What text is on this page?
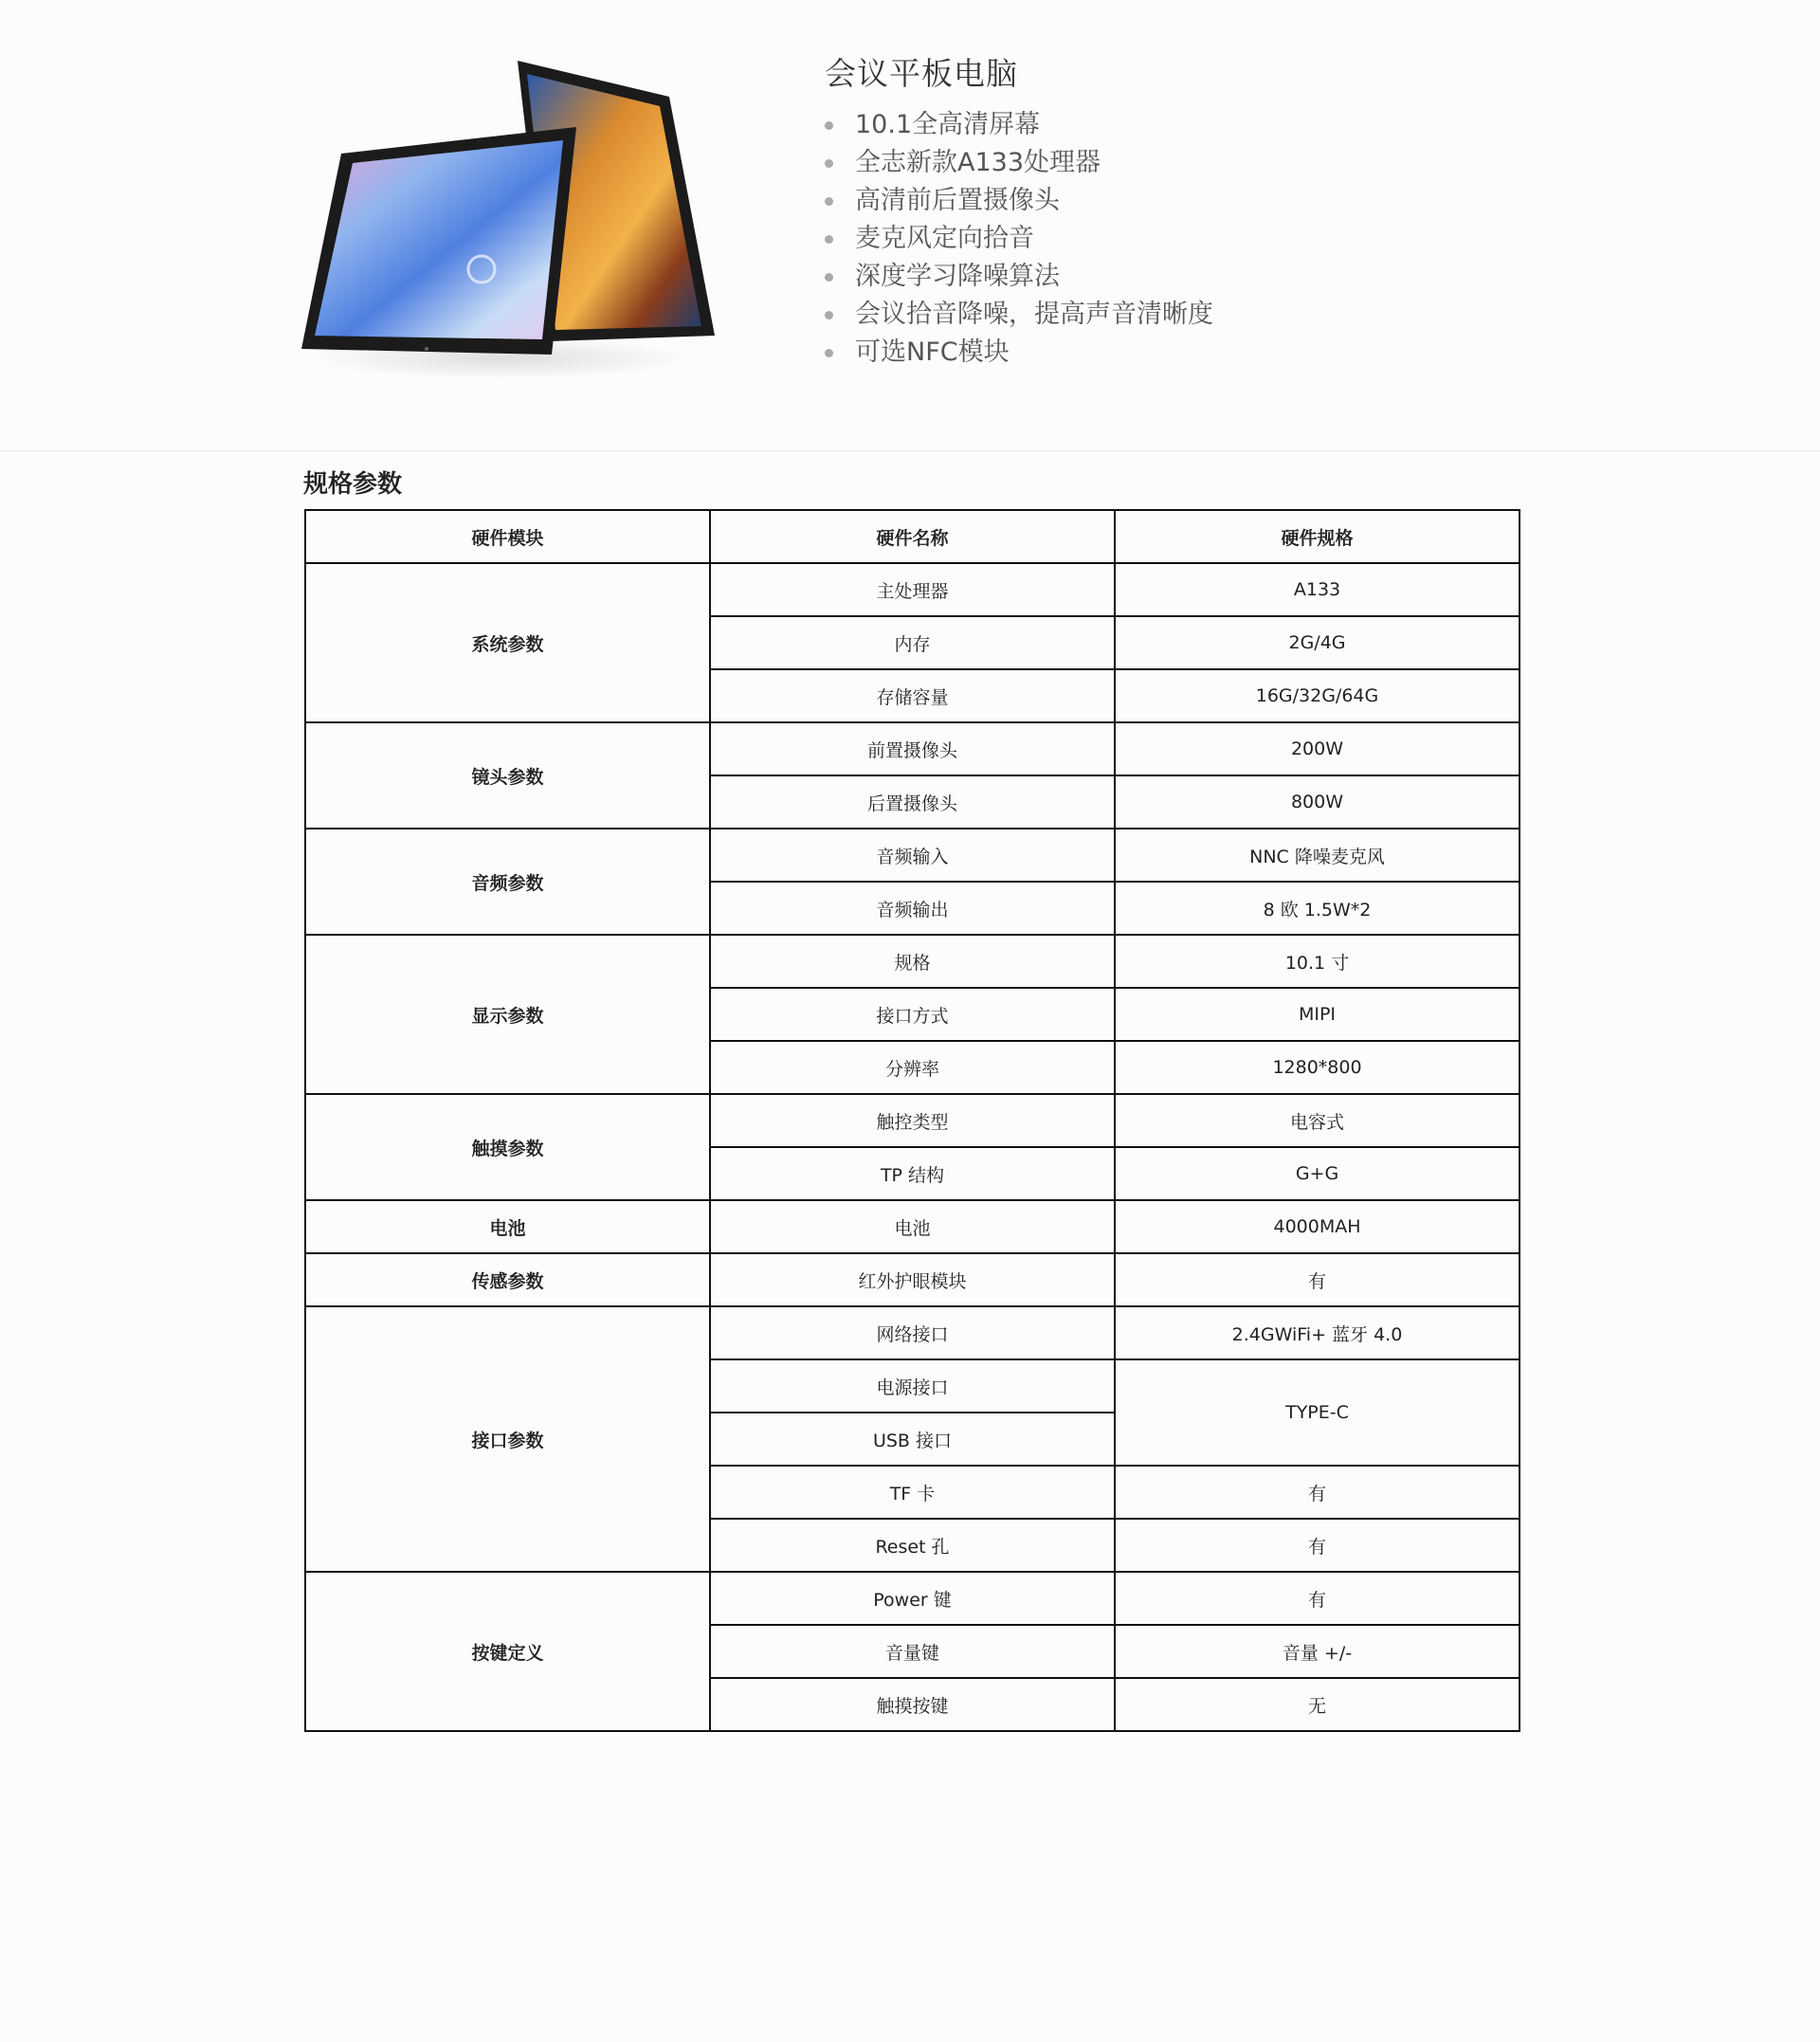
会议平板电脑
10.1全高清屏幕
全志新款A133处理器
高清前后置摄像头
麦克风定向拾音
深度学习降噪算法
会议拾音降噪，提高声音清晰度
可选NFC模块
规格参数
硬件模块	硬件名称	硬件规格
系统参数	主处理器	A133
	内存	2G/4G
	存储容量	16G/32G/64G
镜头参数	前置摄像头	200W
	后置摄像头	800W
音频参数	音频输入	NNC 降噪麦克风
	音频输出	8 欧 1.5W*2
显示参数	规格	10.1 寸
	接口方式	MIPI
	分辨率	1280*800
触摸参数	触控类型	电容式
	TP 结构	G+G
电池	电池	4000MAH
传感参数	红外护眼模块	有
接口参数	网络接口	2.4GWiFi+ 蓝牙 4.0
	电源接口	TYPE-C
	USB 接口	
	TF 卡	有
	Reset 孔	有
按键定义	Power 键	有
	音量键	音量 +/-
	触摸按键	无
